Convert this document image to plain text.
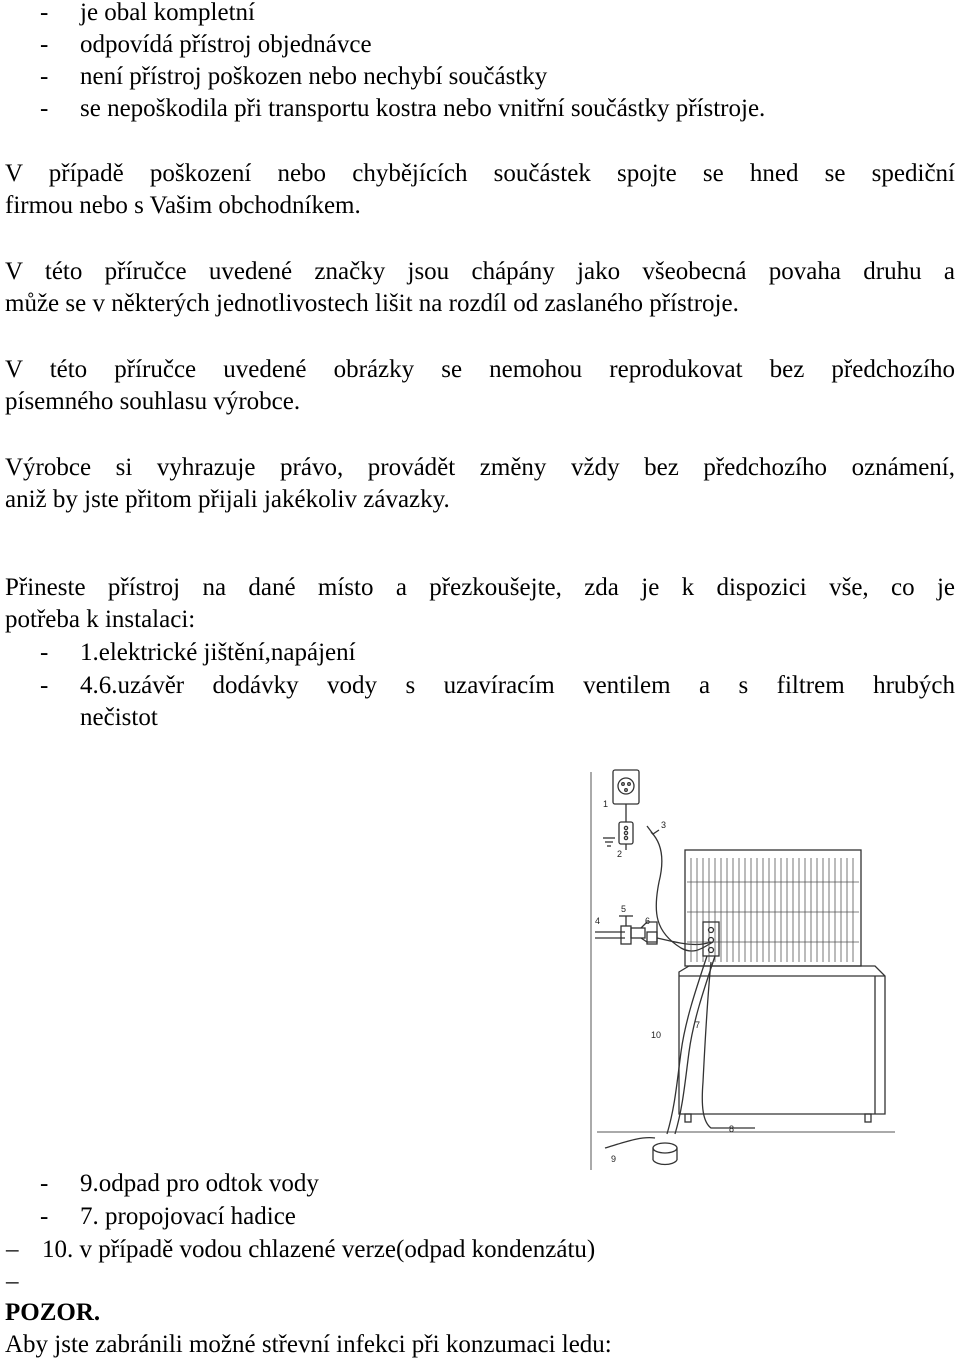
- je obal kompletní
- odpovídá přístroj objednávce
- není přístroj poškozen nebo nechybí součástky
- se nepoškodila při transportu kostra nebo vnitřní součástky přístroje.
V případě poškození nebo chybějících součástek spojte se hned se spediční
firmou nebo s Vašim obchodníkem.
V této příručce uvedené značky jsou chápány jako všeobecná povaha druhu a
může se v některých jednotlivostech lišit na rozdíl od zaslaného přístroje.
V této příručce uvedené obrázky se nemohou reprodukovat bez předchozího
písemného souhlasu výrobce.
Výrobce si vyhrazuje právo, provádět změny vždy bez předchozího oznámení,
aniž by jste přitom přijali jakékoliv závazky.
Přineste přístroj na dané místo a přezkoušejte, zda je k dispozici vše, co je
potřeba k instalaci:
- 1.elektrické jištění,napájení
- 4.6.uzávěr dodávky vody s uzavíracím ventilem a s filtrem hrubých
nečistot
1
2
3
4
5
6
7
8
9
10
- 9.odpad pro odtok vody
- 7. propojovací hadice
– 10. v případě vodou chlazené verze(odpad kondenzátu)
–
POZOR.
Aby jste zabránili možné střevní infekci při konzumaci ledu:
